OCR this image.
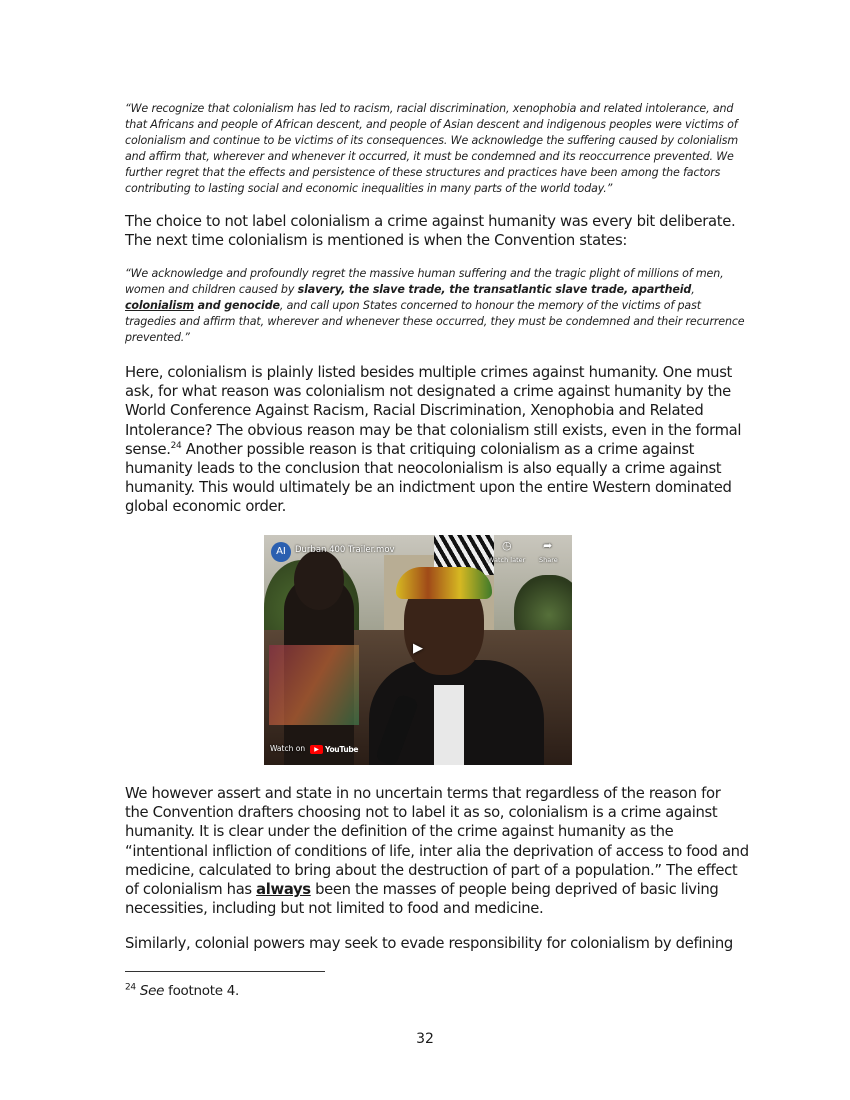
“We recognize that colonialism has led to racism, racial discrimination, xenophobia and related intolerance, and
that Africans and people of African descent, and people of Asian descent and indigenous peoples were victims of
colonialism and continue to be victims of its consequences. We acknowledge the suffering caused by colonialism
and affirm that, wherever and whenever it occurred, it must be condemned and its reoccurrence prevented. We
further regret that the effects and persistence of these structures and practices have been among the factors
contributing to lasting social and economic inequalities in many parts of the world today.”
The choice to not label colonialism a crime against humanity was every bit deliberate.
The next time colonialism is mentioned is when the Convention states:
“We acknowledge and profoundly regret the massive human suffering and the tragic plight of millions of men,
women and children caused by slavery, the slave trade, the transatlantic slave trade, apartheid,
colonialism and genocide, and call upon States concerned to honour the memory of the victims of past
tragedies and affirm that, wherever and whenever these occurred, they must be condemned and their recurrence
prevented.”
Here, colonialism is plainly listed besides multiple crimes against humanity. One must
ask, for what reason was colonialism not designated a crime against humanity by the
World Conference Against Racism, Racial Discrimination, Xenophobia and Related
Intolerance? The obvious reason may be that colonialism still exists, even in the formal
sense.$^{24}$ Another possible reason is that critiquing colonialism as a crime against
humanity leads to the conclusion that neocolonialism is also equally a crime against
humanity. This would ultimately be an indictment upon the entire Western dominated
global economic order.
AI	Durban 400 Trailer.mov	◷
Watch later
➦
Share
▶
Watch on	▶ YouTube
We however assert and state in no uncertain terms that regardless of the reason for
the Convention drafters choosing not to label it as so, colonialism is a crime against
humanity. It is clear under the definition of the crime against humanity as the
“intentional infliction of conditions of life, inter alia the deprivation of access to food and
medicine, calculated to bring about the destruction of part of a population.” The effect
of colonialism has always been the masses of people being deprived of basic living
necessities, including but not limited to food and medicine.
Similarly, colonial powers may seek to evade responsibility for colonialism by defining
$^{24}$ See footnote 4.
32
